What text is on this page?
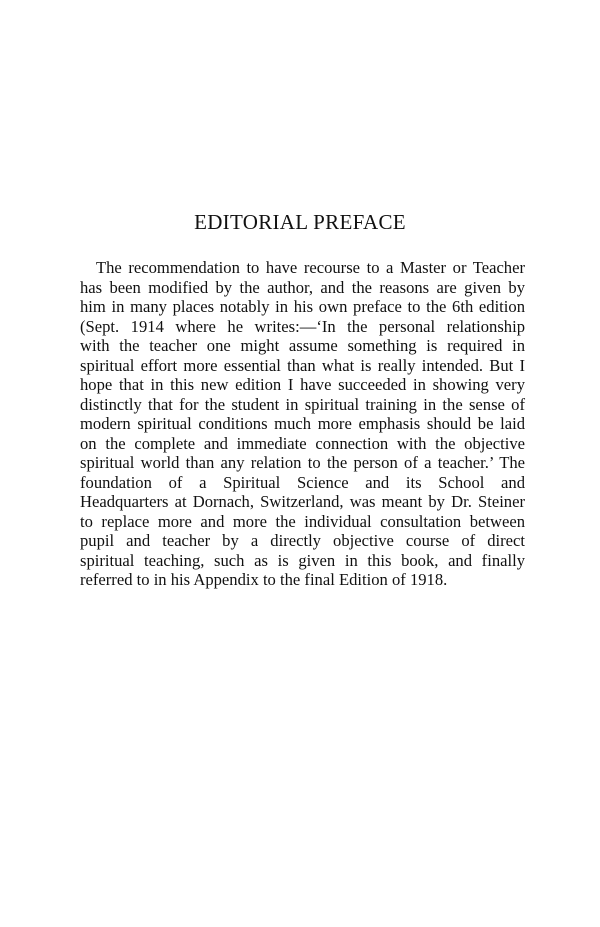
EDITORIAL PREFACE
The recommendation to have recourse to a Master or Teacher
has been modified by the author, and the reasons are given by
him in many places notably in his own preface to the 6th edition
(Sept. 1914 where he writes:—‘In the personal relationship
with the teacher one might assume something is required in
spiritual effort more essential than what is really intended. But I
hope that in this new edition I have succeeded in showing very
distinctly that for the student in spiritual training in the sense of
modern spiritual conditions much more emphasis should be laid
on the complete and immediate connection with the objective
spiritual world than any relation to the person of a teacher.’ The
foundation of a Spiritual Science and its School and
Headquarters at Dornach, Switzerland, was meant by Dr. Steiner
to replace more and more the individual consultation between
pupil and teacher by a directly objective course of direct
spiritual teaching, such as is given in this book, and finally
referred to in his Appendix to the final Edition of 1918.
